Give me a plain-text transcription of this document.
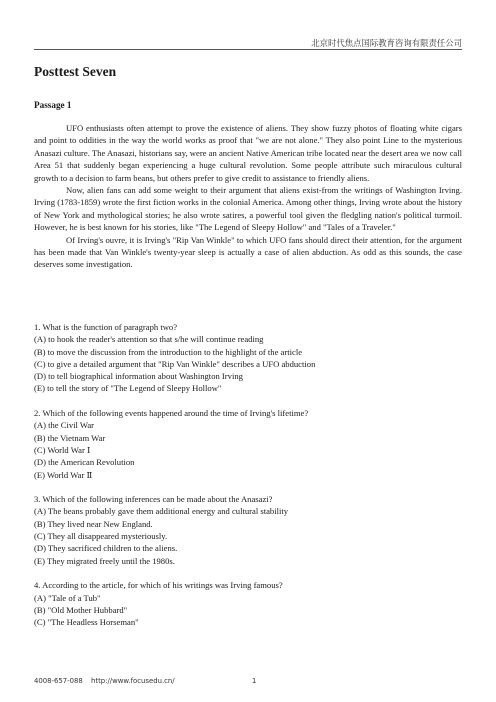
北京时代焦点国际教育咨询有限责任公司
Posttest Seven
Passage 1

UFO enthusiasts often attempt to prove the existence of aliens. They show fuzzy photos of floating white cigars and point to oddities in the way the world works as proof that "we are not alone." They also point Line to the mysterious Anasazi culture. The Anasazi, historians say, were an ancient Native American tribe located near the desert area we now call Area 51 that suddenly began experiencing a huge cultural revolution. Some people attribute such miraculous cultural growth to a decision to farm beans, but others prefer to give credit to assistance to friendly aliens.

Now, alien fans can add some weight to their argument that aliens exist-from the writings of Washington Irving. Irving (1783-1859) wrote the first fiction works in the colonial America. Among other things, Irving wrote about the history of New York and mythological stories; he also wrote satires, a powerful tool given the fledgling nation's political turmoil. However, he is best known for his stories, like "The Legend of Sleepy Hollow" and "Tales of a Traveler."

Of Irving's ouvre, it is Irving's "Rip Van Winkle" to which UFO fans should direct their attention, for the argument has been made that Van Winkle's twenty-year sleep is actually a case of alien abduction. As odd as this sounds, the case deserves some investigation.

1. What is the function of paragraph two?
(A) to hook the reader's attention so that s/he will continue reading
(B) to move the discussion from the introduction to the highlight of the article
(C) to give a detailed argument that "Rip Van Winkle" describes a UFO abduction
(D) to tell biographical information about Washington Irving
(E) to tell the story of "The Legend of Sleepy Hollow"
2. Which of the following events happened around the time of Irving's lifetime?
(A) the Civil War
(B) the Vietnam War
(C) World War Ⅰ
(D) the American Revolution
(E) World War Ⅱ
3. Which of the following inferences can be made about the Anasazi?
(A) The beans probably gave them additional energy and cultural stability
(B) They lived near New England.
(C) They all disappeared mysteriously.
(D) They sacrificed children to the aliens.
(E) They migrated freely until the 1980s.
4. According to the article, for which of his writings was Irving famous?
(A) "Tale of a Tub"
(B) "Old Mother Hubbard"
(C) "The Headless Horseman"
4008-657-088 http://www.focusedu.cn/	1
